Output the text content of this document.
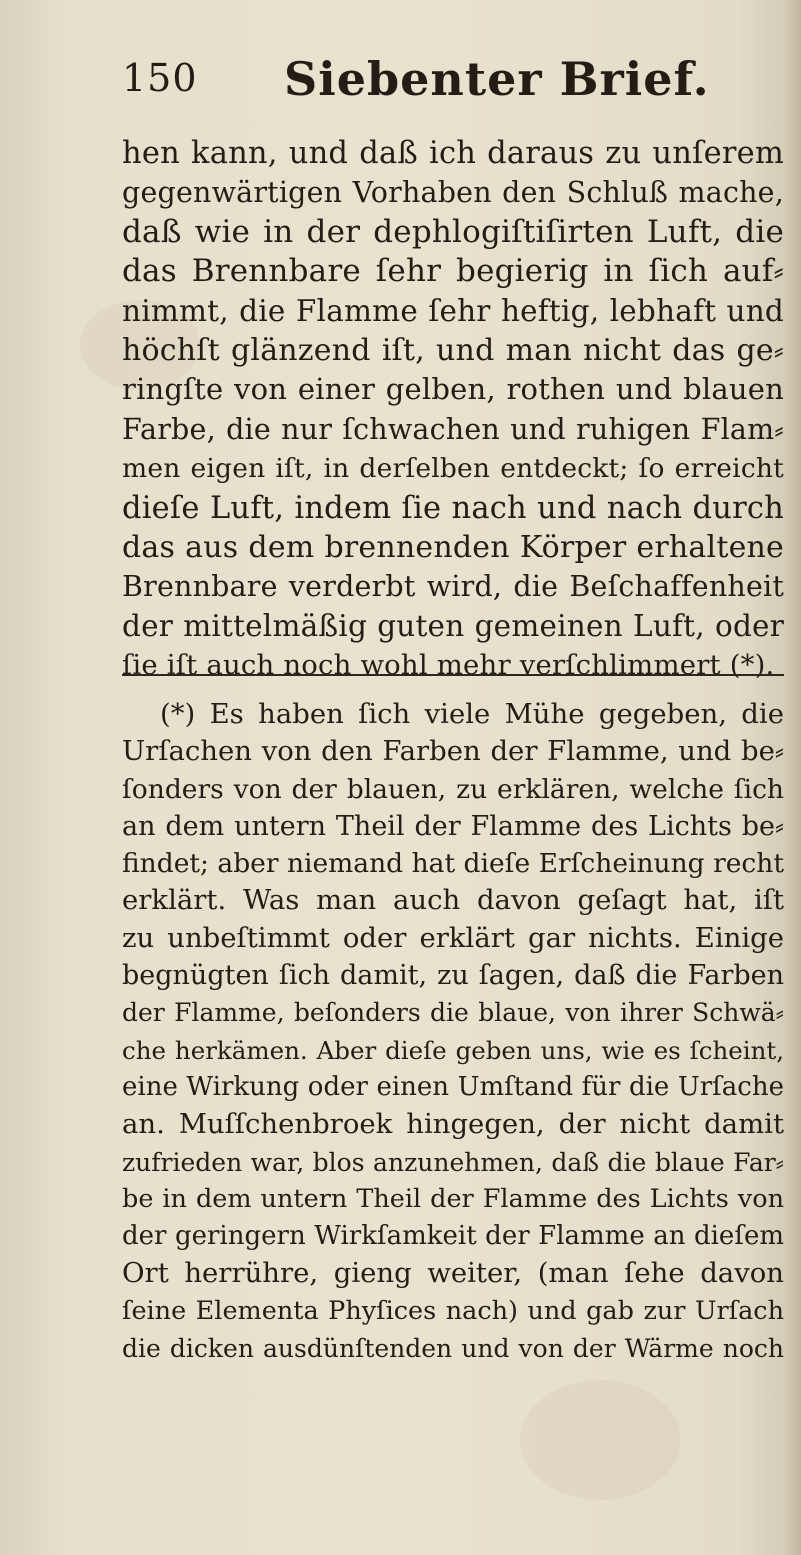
150 Siebenter Brief.
hen kann, und daß ich daraus zu unſerem
gegenwärtigen Vorhaben den Schluß mache,
daß wie in der dephlogiſtiſirten Luft, die
das Brennbare ſehr begierig in ſich auf⸗
nimmt, die Flamme ſehr heftig, lebhaft und
höchſt glänzend iſt, und man nicht das ge⸗
ringſte von einer gelben, rothen und blauen
Farbe, die nur ſchwachen und ruhigen Flam⸗
men eigen iſt, in derſelben entdeckt; ſo erreicht
dieſe Luft, indem ſie nach und nach durch
das aus dem brennenden Körper erhaltene
Brennbare verderbt wird, die Beſchaffenheit
der mittelmäßig guten gemeinen Luft, oder
ſie iſt auch noch wohl mehr verſchlimmert (*).
(*) Es haben ſich viele Mühe gegeben, die
Urſachen von den Farben der Flamme, und be⸗
ſonders von der blauen, zu erklären, welche ſich
an dem untern Theil der Flamme des Lichts be⸗
findet; aber niemand hat dieſe Erſcheinung recht
erklärt. Was man auch davon geſagt hat, iſt
zu unbeſtimmt oder erklärt gar nichts. Einige
begnügten ſich damit, zu ſagen, daß die Farben
der Flamme, beſonders die blaue, von ihrer Schwä⸗
che herkämen. Aber dieſe geben uns, wie es ſcheint,
eine Wirkung oder einen Umſtand für die Urſache
an. Muſſchenbroek hingegen, der nicht damit
zufrieden war, blos anzunehmen, daß die blaue Far⸗
be in dem untern Theil der Flamme des Lichts von
der geringern Wirkſamkeit der Flamme an dieſem
Ort herrühre, gieng weiter, (man ſehe davon
ſeine Elementa Phyſices nach) und gab zur Urſach
die dicken ausdünſtenden und von der Wärme noch
